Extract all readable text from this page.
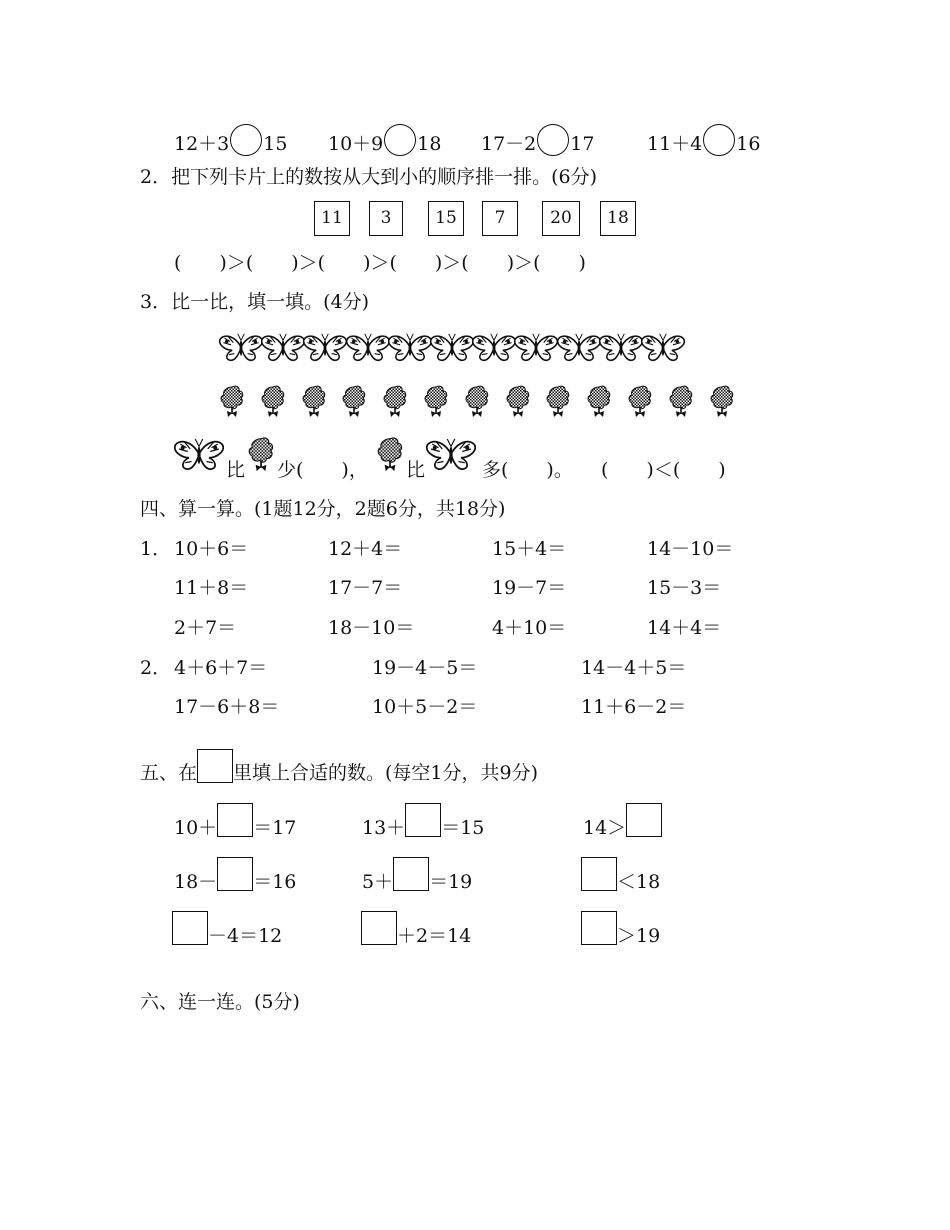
12＋3 15 10＋9 18 17－2 17	11＋4 16
2．把下列卡片上的数按从大到小的顺序排一排。(6分)
11	3	15	7	20	18
(　　)＞(　　)＞(　　)＞(　　)＞(　　)＞(　　)
3．比一比，填一填。(4分)
比 少(　　)， 比	多(　　)。 (　　)＜(　　)
四、算一算。(1题12分，2题6分，共18分)
1． 10＋6＝	12＋4＝	15＋4＝	14－10＝
11＋8＝	17－7＝	19－7＝	15－3＝
2＋7＝	18－10＝	4＋10＝	14＋4＝
2． 4＋6＋7＝	19－4－5＝	14－4＋5＝
17－6＋8＝	10＋5－2＝	11＋6－2＝
五、在 里填上合适的数。(每空1分，共9分)
10＋ ＝17	13＋ ＝15	14＞
18－ ＝16	5＋ ＝19	＜18
－4＝12	＋2＝14	＞19
六、连一连。(5分)
